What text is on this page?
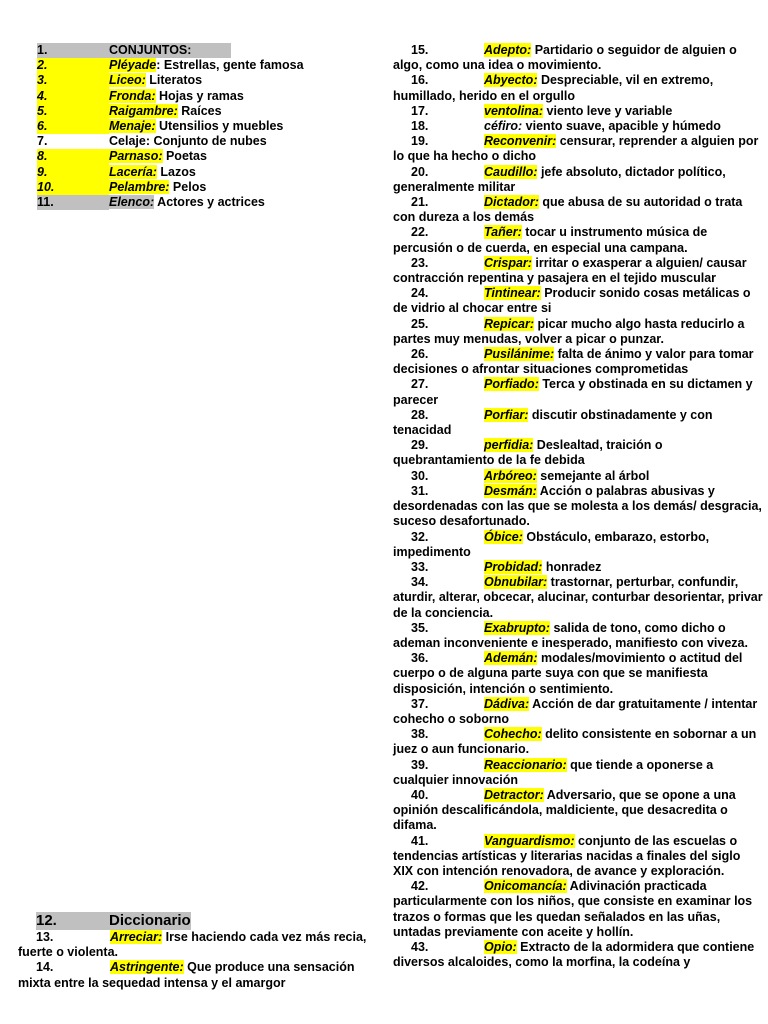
1.	CONJUNTOS:
2.	Pléyade: Estrellas, gente famosa
3.	Liceo: Literatos
4.	Fronda: Hojas y ramas
5.	Raigambre: Raíces
6.	Menaje: Utensilios y muebles
7.	Celaje: Conjunto de nubes
8.	Parnaso: Poetas
9.	Lacería: Lazos
10.	Pelambre: Pelos
11.	Elenco: Actores y actrices
12.	Diccionario
13.	Arreciar: Irse haciendo cada vez más recia, fuerte o violenta.
14.	Astringente: Que produce una sensación mixta entre la sequedad intensa y el amargor
15.	Adepto: Partidario o seguidor de alguien o algo, como una idea o movimiento.
16.	Abyecto: Despreciable, vil en extremo, humillado, herido en el orgullo
17.	ventolina: viento leve y variable
18.	céfiro: viento suave, apacible y húmedo
19.	Reconvenir: censurar, reprender a alguien por lo que ha hecho o dicho
20.	Caudillo: jefe absoluto, dictador político, generalmente militar
21.	Dictador: que abusa de su autoridad o trata con dureza a los demás
22.	Tañer: tocar u instrumento música de percusión o de cuerda, en especial una campana.
23.	Crispar: irritar o exasperar a alguien/ causar contracción repentina y pasajera en el tejido muscular
24.	Tintinear: Producir sonido cosas metálicas o de vidrio al chocar entre si
25.	Repicar: picar mucho algo hasta reducirlo a partes muy menudas, volver a picar o punzar.
26.	Pusilánime: falta de ánimo y valor para tomar decisiones o afrontar situaciones comprometidas
27.	Porfiado: Terca y obstinada en su dictamen y parecer
28.	Porfiar: discutir obstinadamente y con tenacidad
29.	perfidia: Deslealtad, traición o quebrantamiento de la fe debida
30.	Arbóreo: semejante al árbol
31.	Desmán: Acción o palabras abusivas y desordenadas con las que se molesta a los demás/ desgracia, suceso desafortunado.
32.	Óbice: Obstáculo, embarazo, estorbo, impedimento
33.	Probidad: honradez
34.	Obnubilar: trastornar, perturbar, confundir, aturdir, alterar, obcecar, alucinar, conturbar desorientar, privar de la conciencia.
35.	Exabrupto: salida de tono, como dicho o ademan inconveniente e inesperado, manifiesto con viveza.
36.	Ademán: modales/movimiento o actitud del cuerpo o de alguna parte suya con que se manifiesta disposición, intención o sentimiento.
37.	Dádiva: Acción de dar gratuitamente / intentar cohecho o soborno
38.	Cohecho: delito consistente en sobornar a un juez o aun funcionario.
39.	Reaccionario: que tiende a oponerse a cualquier innovación
40.	Detractor: Adversario, que se opone a una opinión descalificándola, maldiciente, que desacredita o difama.
41.	Vanguardismo: conjunto de las escuelas o tendencias artísticas y literarias nacidas a finales del siglo XIX con intención renovadora, de avance y exploración.
42.	Onicomancía: Adivinación practicada particularmente con los niños, que consiste en examinar los trazos o formas que les quedan señalados en las uñas, untadas previamente con aceite y hollín.
43.	Opio: Extracto de la adormidera que contiene diversos alcaloides, como la morfina, la codeína y
